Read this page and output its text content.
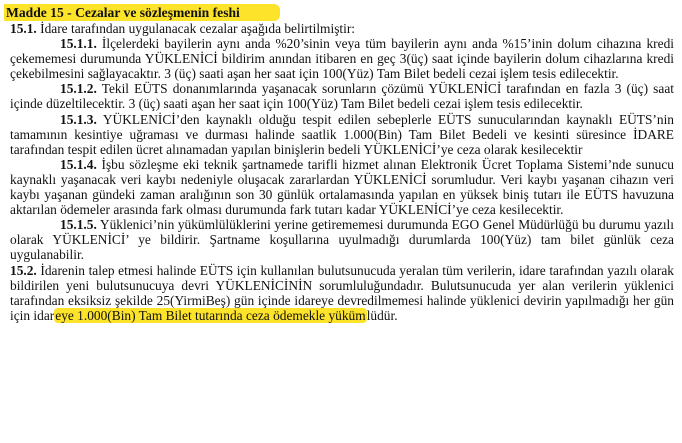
Madde 15 - Cezalar ve sözleşmenin feshi

15.1. İdare tarafından uygulanacak cezalar aşağıda belirtilmiştir:

15.1.1. İlçelerdeki bayilerin aynı anda %20’sinin veya tüm bayilerin aynı anda %15’inin dolum cihazına kredi çekememesi durumunda YÜKLENİCİ bildirim anından itibaren en geç 3(üç) saat içinde bayilerin dolum cihazlarına kredi çekebilmesini sağlayacaktır. 3 (üç) saati aşan her saat için 100(Yüz) Tam Bilet bedeli cezai işlem tesis edilecektir.

15.1.2. Tekil EÜTS donanımlarında yaşanacak sorunların çözümü YÜKLENİCİ tarafından en fazla 3 (üç) saat içinde düzeltilecektir. 3 (üç) saati aşan her saat için 100(Yüz) Tam Bilet bedeli cezai işlem tesis edilecektir.

15.1.3. YÜKLENİCİ’den kaynaklı olduğu tespit edilen sebeplerle EÜTS sunucularından kaynaklı EÜTS’nin tamamının kesintiye uğraması ve durması halinde saatlik 1.000(Bin) Tam Bilet Bedeli ve kesinti süresince İDARE tarafından tespit edilen ücret alınamadan yapılan binişlerin bedeli YÜKLENİCİ’ye ceza olarak kesilecektir

15.1.4. İşbu sözleşme eki teknik şartnamede tarifli hizmet alınan Elektronik Ücret Toplama Sistemi’nde sunucu kaynaklı yaşanacak veri kaybı nedeniyle oluşacak zararlardan YÜKLENİCİ sorumludur. Veri kaybı yaşanan cihazın veri kaybı yaşanan gündeki zaman aralığının son 30 günlük ortalamasında yapılan en yüksek biniş tutarı ile EÜTS havuzuna aktarılan ödemeler arasında fark olması durumunda fark tutarı kadar YÜKLENİCİ’ye ceza kesilecektir.

15.1.5. Yüklenici’nin yükümlülüklerini yerine getirememesi durumunda EGO Genel Müdürlüğü bu durumu yazılı olarak YÜKLENİCİ’ ye bildirir. Şartname koşullarına uyulmadığı durumlarda 100(Yüz) tam bilet günlük ceza uygulanabilir.

15.2. İdarenin talep etmesi halinde EÜTS için kullanılan bulutsunucuda yeralan tüm verilerin, idare tarafından yazılı olarak bildirilen yeni bulutsunucuya devri YÜKLENİCİNİN sorumluluğundadır. Bulutsunucuda yer alan verilerin yüklenici tarafından eksiksiz şekilde 25(YirmiBeş) gün içinde idareye devredilmemesi halinde yüklenici devirin yapılmadığı her gün için idareye 1.000(Bin) Tam Bilet tutarında ceza ödemekle yükümlüdür.
